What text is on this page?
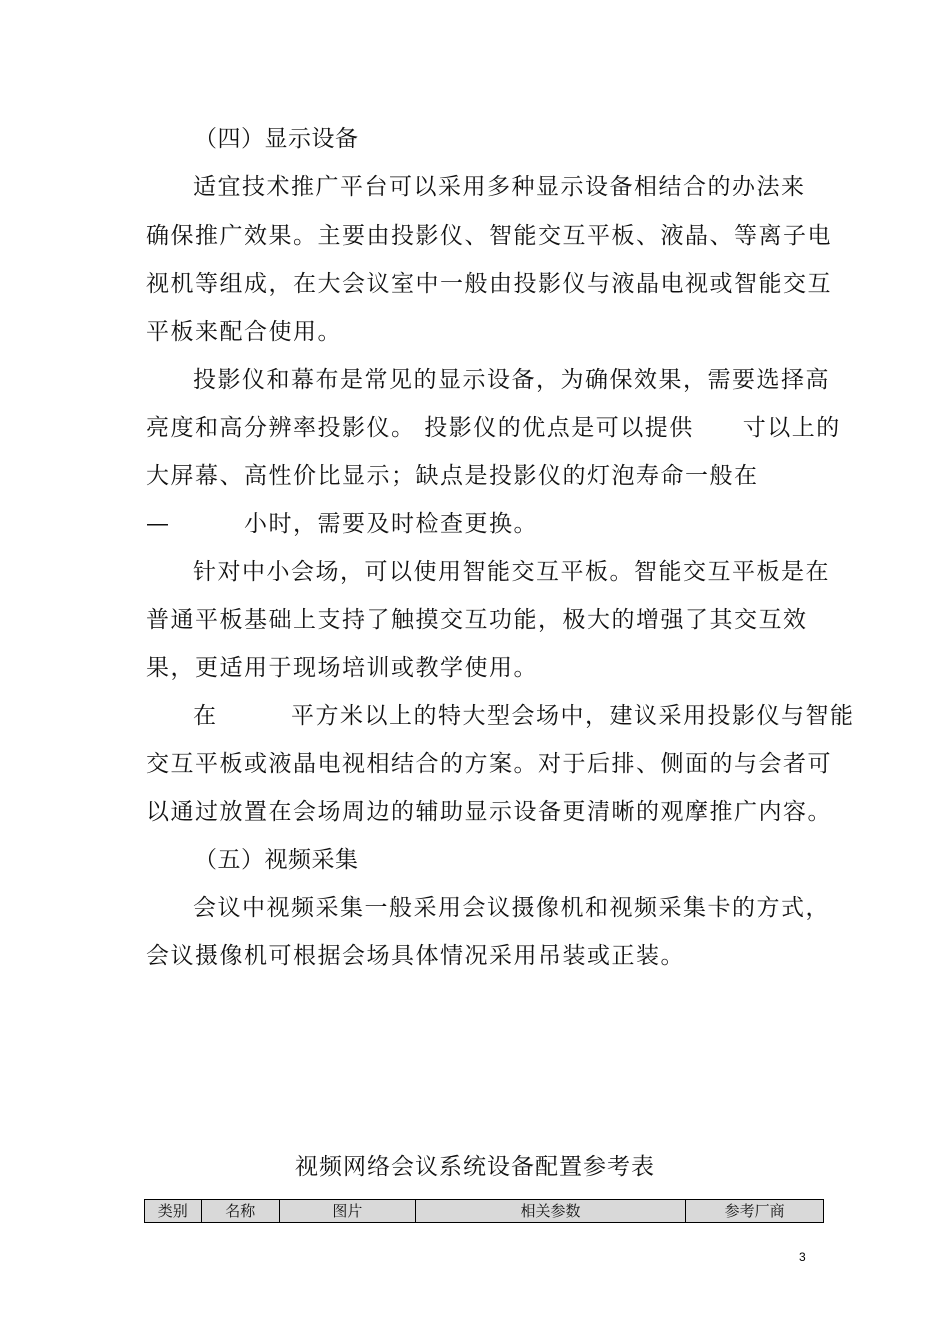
（四）显示设备
适宜技术推广平台可以采用多种显示设备相结合的办法来
确保推广效果。主要由投影仪、智能交互平板、液晶、等离子电
视机等组成，在大会议室中一般由投影仪与液晶电视或智能交互
平板来配合使用。
投影仪和幕布是常见的显示设备，为确保效果，需要选择高
亮度和高分辨率投影仪。 投影仪的优点是可以提供　　寸以上的
大屏幕、高性价比显示；缺点是投影仪的灯泡寿命一般在
—　　　小时，需要及时检查更换。
针对中小会场，可以使用智能交互平板。智能交互平板是在
普通平板基础上支持了触摸交互功能，极大的增强了其交互效
果，更适用于现场培训或教学使用。
在　　　平方米以上的特大型会场中，建议采用投影仪与智能
交互平板或液晶电视相结合的方案。对于后排、侧面的与会者可
以通过放置在会场周边的辅助显示设备更清晰的观摩推广内容。
（五）视频采集
会议中视频采集一般采用会议摄像机和视频采集卡的方式，
会议摄像机可根据会场具体情况采用吊装或正装。
视频网络会议系统设备配置参考表
类别	名称	图片	相关参数	参考厂商
3
